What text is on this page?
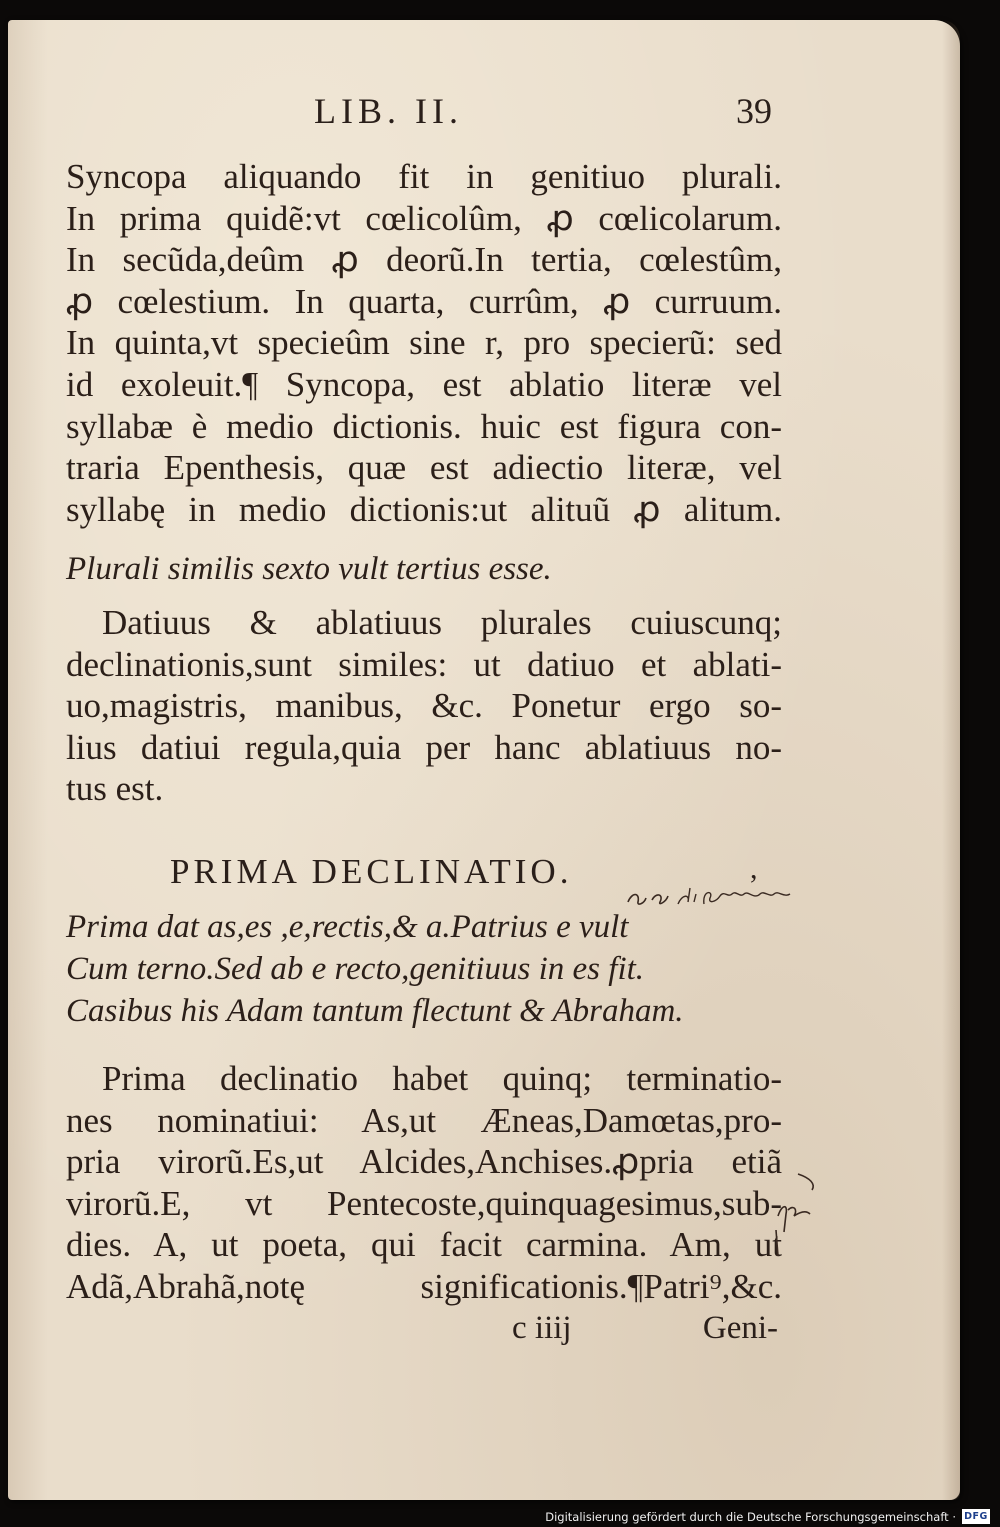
LIB. II.	39
Syncopa aliquando fit in genitiuo plurali.
In prima quidẽ:vt cœlicolûm, ꝓ cœlicolarum.
In secũda,deûm ꝓ deorũ.In tertia, cœlestûm,
ꝓ cœlestium. In quarta, currûm, ꝓ curruum.
In quinta,vt specieûm sine r, pro specierũ: sed
id exoleuit.¶ Syncopa, est ablatio literæ vel
syllabæ è medio dictionis. huic est figura con-
traria Epenthesis, quæ est adiectio literæ, vel
syllabę in medio dictionis:ut alituũ ꝓ alitum.
Plurali similis sexto vult tertius esse.
Datiuus & ablatiuus plurales cuiuscunq;
declinationis,sunt similes: ut datiuo et ablati-
uo,magistris, manibus, &c. Ponetur ergo so-
lius datiui regula,quia per hanc ablatiuus no-
tus est.
PRIMA DECLINATIO.	,
Prima dat as,es ,e,rectis,& a.Patrius e vult
Cum terno.Sed ab e recto,genitiuus in es fit.
Casibus his Adam tantum flectunt & Abraham.
Prima declinatio habet quinq; terminatio-
nes nominatiui: As,ut Æneas,Damœtas,pro-
pria virorũ.Es,ut Alcides,Anchises.ꝓpria etiã
virorũ.E, vt Pentecoste,quinquagesimus,sub-
dies. A, ut poeta, qui facit carmina. Am, ut
Adã,Abrahã,notę significationis.¶Patri⁹,&c.
c iiij	Geni-
Digitalisierung gefördert durch die Deutsche Forschungsgemeinschaft · DFG
